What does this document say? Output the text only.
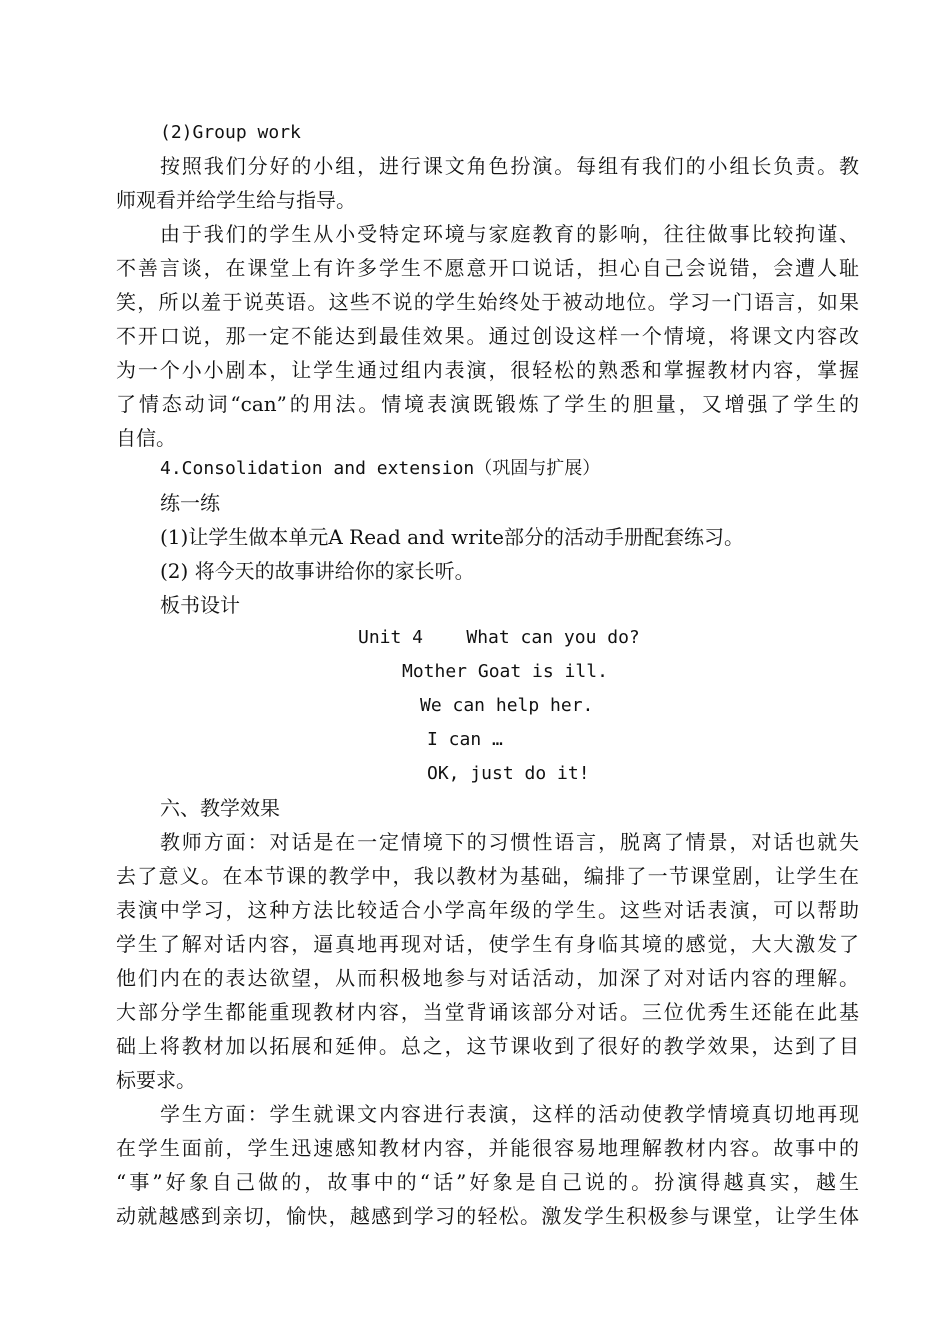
(2)Group work
按照我们分好的小组，进行课文角色扮演。每组有我们的小组长负责。教
师观看并给学生给与指导。
由于我们的学生从小受特定环境与家庭教育的影响，往往做事比较拘谨、
不善言谈，在课堂上有许多学生不愿意开口说话，担心自己会说错，会遭人耻
笑，所以羞于说英语。这些不说的学生始终处于被动地位。学习一门语言，如果
不开口说，那一定不能达到最佳效果。通过创设这样一个情境，将课文内容改
为一个小小剧本，让学生通过组内表演，很轻松的熟悉和掌握教材内容，掌握
了情态动词“can”的用法。情境表演既锻炼了学生的胆量，又增强了学生的
自信。
4.Consolidation and extension（巩固与扩展）
练一练
(1)让学生做本单元A Read and write部分的活动手册配套练习。
(2) 将今天的故事讲给你的家长听。
板书设计
Unit 4    What can you do?
Mother Goat is ill.
We can help her.
I can …
OK, just do it!
六、教学效果
教师方面：对话是在一定情境下的习惯性语言，脱离了情景，对话也就失
去了意义。在本节课的教学中，我以教材为基础，编排了一节课堂剧，让学生在
表演中学习，这种方法比较适合小学高年级的学生。这些对话表演，可以帮助
学生了解对话内容，逼真地再现对话，使学生有身临其境的感觉，大大激发了
他们内在的表达欲望，从而积极地参与对话活动，加深了对对话内容的理解。
大部分学生都能重现教材内容，当堂背诵该部分对话。三位优秀生还能在此基
础上将教材加以拓展和延伸。总之，这节课收到了很好的教学效果，达到了目
标要求。
学生方面：学生就课文内容进行表演，这样的活动使教学情境真切地再现
在学生面前，学生迅速感知教材内容，并能很容易地理解教材内容。故事中的
“事”好象自己做的，故事中的“话”好象是自己说的。扮演得越真实，越生
动就越感到亲切，愉快，越感到学习的轻松。激发学生积极参与课堂，让学生体
